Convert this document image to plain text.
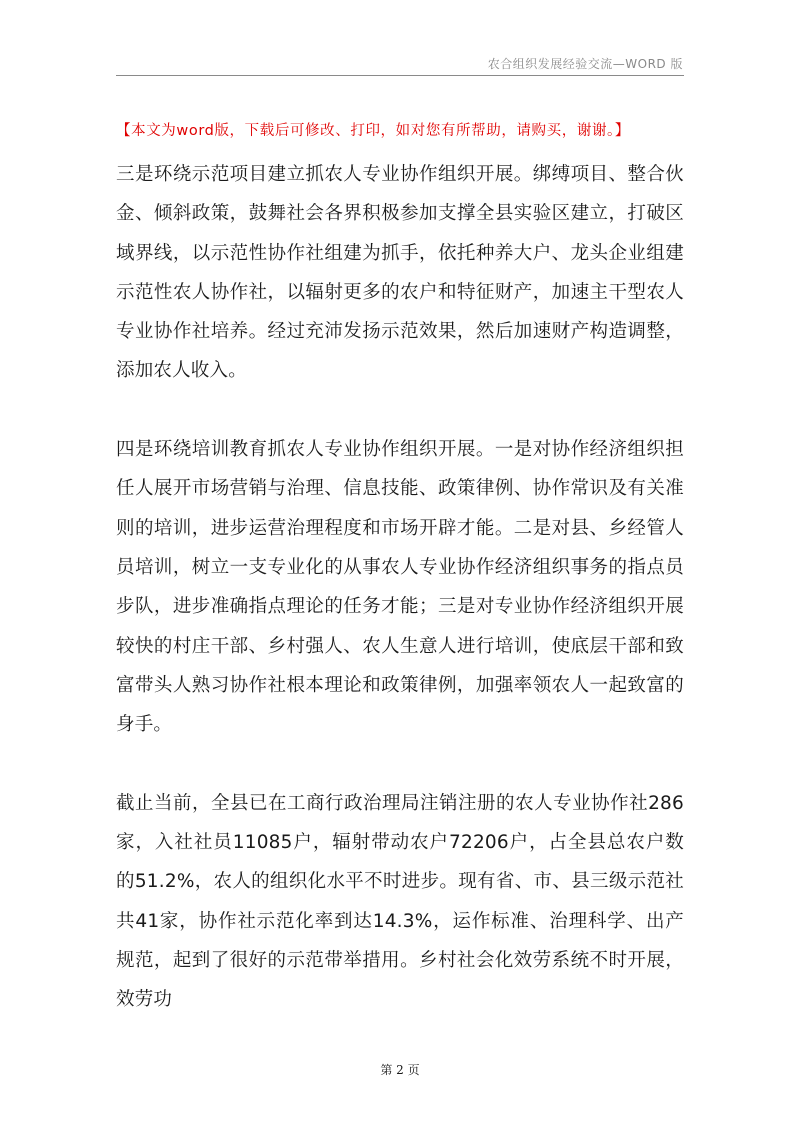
农合组织发展经验交流—WORD 版
【本文为word版，下载后可修改、打印，如对您有所帮助，请购买，谢谢。】

三是环绕示范项目建立抓农人专业协作组织开展。绑缚项目、整合伙金、倾斜政策，鼓舞社会各界积极参加支撑全县实验区建立，打破区域界线，以示范性协作社组建为抓手，依托种养大户、龙头企业组建示范性农人协作社，以辐射更多的农户和特征财产，加速主干型农人专业协作社培养。经过充沛发扬示范效果，然后加速财产构造调整，添加农人收入。

四是环绕培训教育抓农人专业协作组织开展。一是对协作经济组织担任人展开市场营销与治理、信息技能、政策律例、协作常识及有关准则的培训，进步运营治理程度和市场开辟才能。二是对县、乡经管人员培训，树立一支专业化的从事农人专业协作经济组织事务的指点员步队，进步准确指点理论的任务才能；三是对专业协作经济组织开展较快的村庄干部、乡村强人、农人生意人进行培训，使底层干部和致富带头人熟习协作社根本理论和政策律例，加强率领农人一起致富的身手。

截止当前，全县已在工商行政治理局注销注册的农人专业协作社286家，入社社员11085户，辐射带动农户72206户，占全县总农户数的51.2%，农人的组织化水平不时进步。现有省、市、县三级示范社共41家，协作社示范化率到达14.3%，运作标准、治理科学、出产规范，起到了很好的示范带举措用。乡村社会化效劳系统不时开展，效劳功

第 2 页
